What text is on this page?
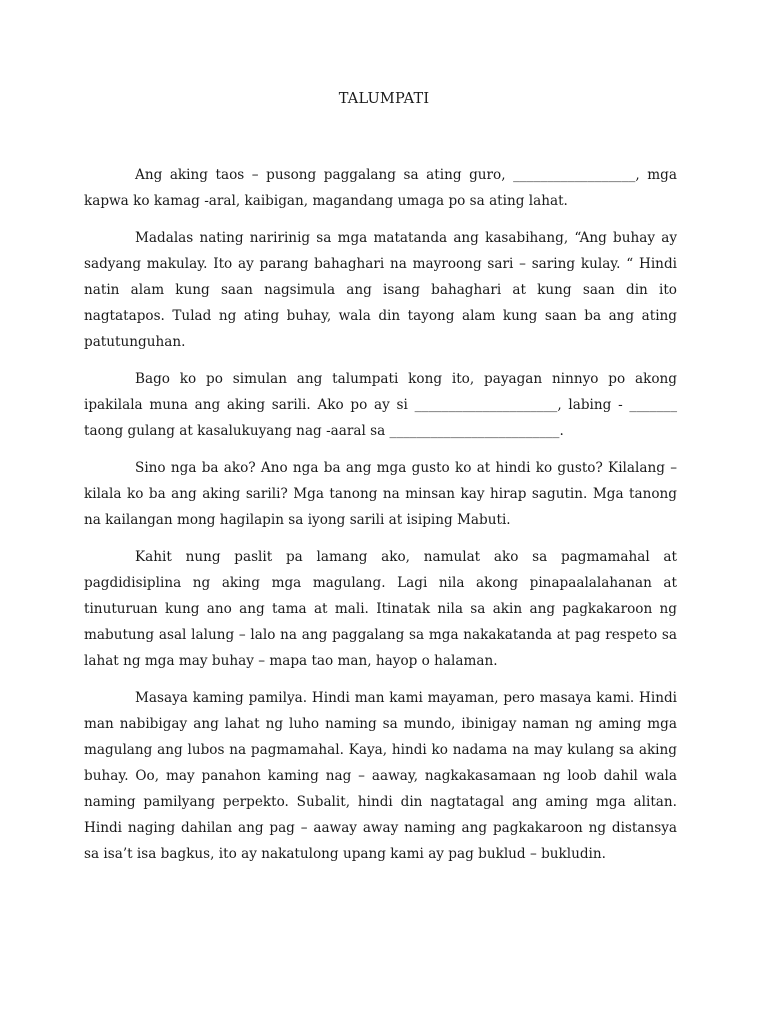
TALUMPATI

Ang aking taos – pusong paggalang sa ating guro, __________________, mga kapwa ko kamag -aral, kaibigan, magandang umaga po sa ating lahat.

Madalas nating naririnig sa mga matatanda ang kasabihang, “Ang buhay ay sadyang makulay. Ito ay parang bahaghari na mayroong sari – saring kulay. “ Hindi natin alam kung saan nagsimula ang isang bahaghari at kung saan din ito nagtatapos. Tulad ng ating buhay, wala din tayong alam kung saan ba ang ating patutunguhan.

Bago ko po simulan ang talumpati kong ito, payagan ninnyo po akong ipakilala muna ang aking sarili. Ako po ay si _____________________, labing - _______ taong gulang at kasalukuyang nag -aaral sa _________________________.

Sino nga ba ako? Ano nga ba ang mga gusto ko at hindi ko gusto? Kilalang – kilala ko ba ang aking sarili? Mga tanong na minsan kay hirap sagutin. Mga tanong na kailangan mong hagilapin sa iyong sarili at isiping Mabuti.

Kahit nung paslit pa lamang ako, namulat ako sa pagmamahal at pagdidisiplina ng aking mga magulang. Lagi nila akong pinapaalalahanan at tinuturuan kung ano ang tama at mali. Itinatak nila sa akin ang pagkakaroon ng mabutung asal lalung – lalo na ang paggalang sa mga nakakatanda at pag respeto sa lahat ng mga may buhay – mapa tao man, hayop o halaman.

Masaya kaming pamilya. Hindi man kami mayaman, pero masaya kami. Hindi man nabibigay ang lahat ng luho naming sa mundo, ibinigay naman ng aming mga magulang ang lubos na pagmamahal. Kaya, hindi ko nadama na may kulang sa aking buhay. Oo, may panahon kaming nag – aaway, nagkakasamaan ng loob dahil wala naming pamilyang perpekto. Subalit, hindi din nagtatagal ang aming mga alitan. Hindi naging dahilan ang pag – aaway away naming ang pagkakaroon ng distansya sa isa’t isa bagkus, ito ay nakatulong upang kami ay pag buklud – bukludin.
